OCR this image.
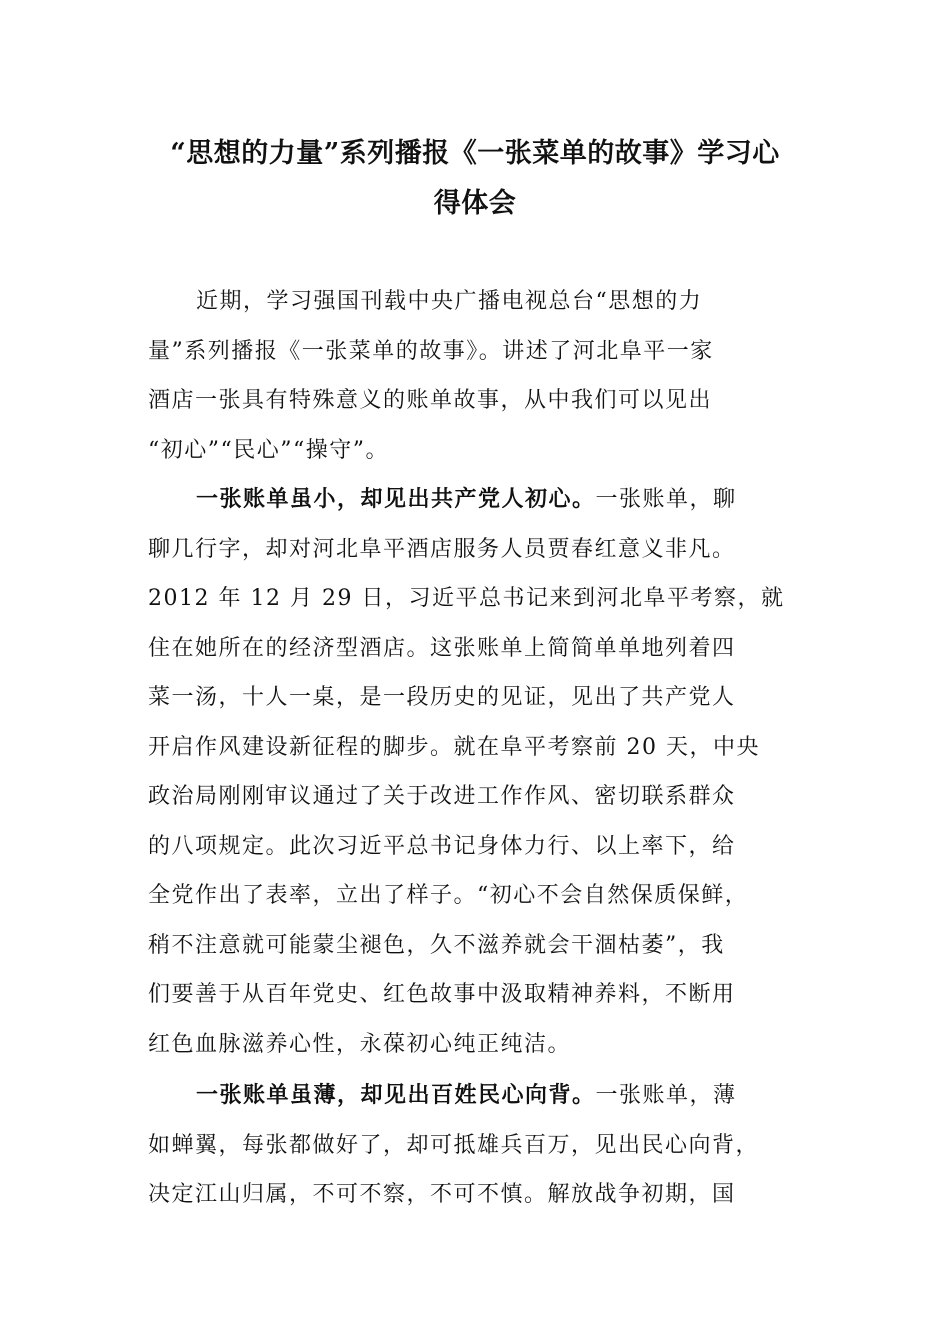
“思想的力量”系列播报《一张菜单的故事》学习心
得体会
近期，学习强国刊载中央广播电视总台“思想的力
量”系列播报《一张菜单的故事》。讲述了河北阜平一家
酒店一张具有特殊意义的账单故事，从中我们可以见出
“初心”“民心”“操守”。
一张账单虽小，却见出共产党人初心。一张账单，聊
聊几行字，却对河北阜平酒店服务人员贾春红意义非凡。
2012 年 12 月 29 日，习近平总书记来到河北阜平考察，就
住在她所在的经济型酒店。这张账单上简简单单地列着四
菜一汤，十人一桌，是一段历史的见证，见出了共产党人
开启作风建设新征程的脚步。就在阜平考察前 20 天，中央
政治局刚刚审议通过了关于改进工作作风、密切联系群众
的八项规定。此次习近平总书记身体力行、以上率下，给
全党作出了表率，立出了样子。“初心不会自然保质保鲜，
稍不注意就可能蒙尘褪色，久不滋养就会干涸枯萎”，我
们要善于从百年党史、红色故事中汲取精神养料，不断用
红色血脉滋养心性，永葆初心纯正纯洁。
一张账单虽薄，却见出百姓民心向背。一张账单，薄
如蝉翼，每张都做好了，却可抵雄兵百万，见出民心向背，
决定江山归属，不可不察，不可不慎。解放战争初期，国
